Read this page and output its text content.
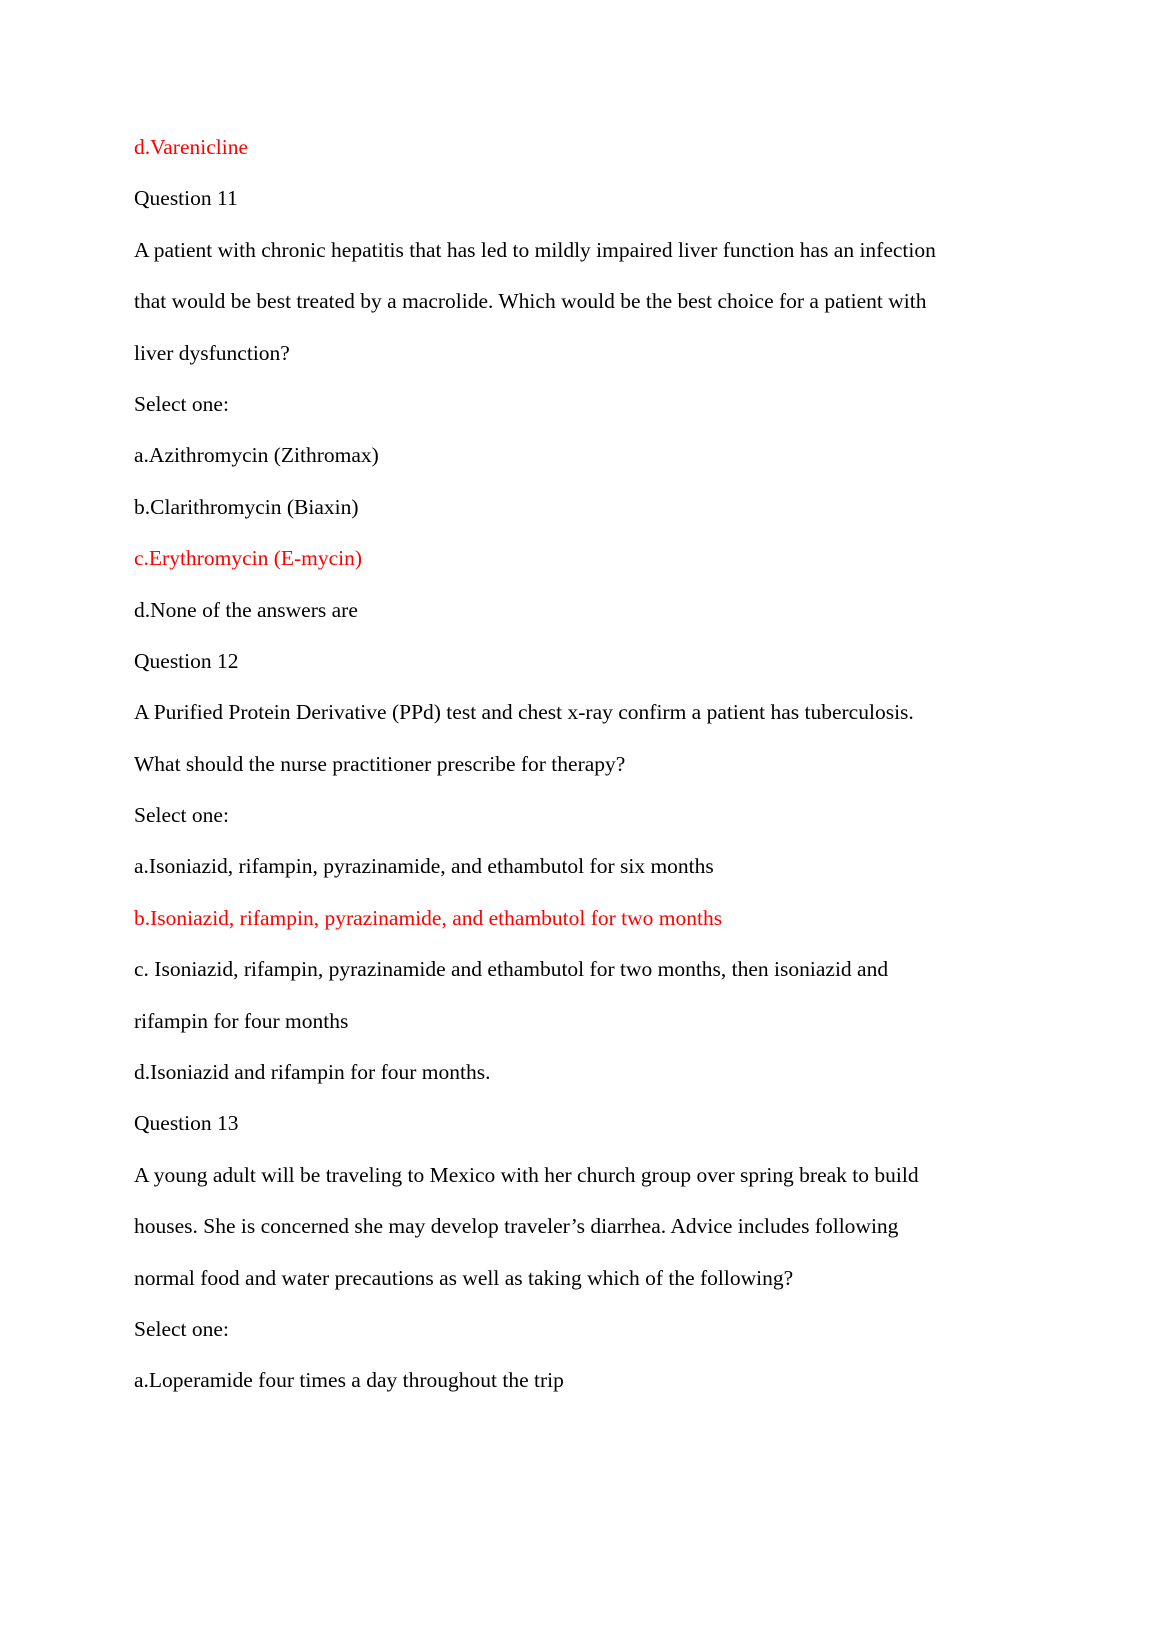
d.Varenicline
Question 11
A patient with chronic hepatitis that has led to mildly impaired liver function has an infection
that would be best treated by a macrolide. Which would be the best choice for a patient with
liver dysfunction?
Select one:
a.Azithromycin (Zithromax)
b.Clarithromycin (Biaxin)
c.Erythromycin (E-mycin)
d.None of the answers are
Question 12
A Purified Protein Derivative (PPd) test and chest x-ray confirm a patient has tuberculosis.
What should the nurse practitioner prescribe for therapy?
Select one:
a.Isoniazid, rifampin, pyrazinamide, and ethambutol for six months
b.Isoniazid, rifampin, pyrazinamide, and ethambutol for two months
c. Isoniazid, rifampin, pyrazinamide and ethambutol for two months, then isoniazid and
rifampin for four months
d.Isoniazid and rifampin for four months.
Question 13
A young adult will be traveling to Mexico with her church group over spring break to build
houses. She is concerned she may develop traveler’s diarrhea. Advice includes following
normal food and water precautions as well as taking which of the following?
Select one:
a.Loperamide four times a day throughout the trip
